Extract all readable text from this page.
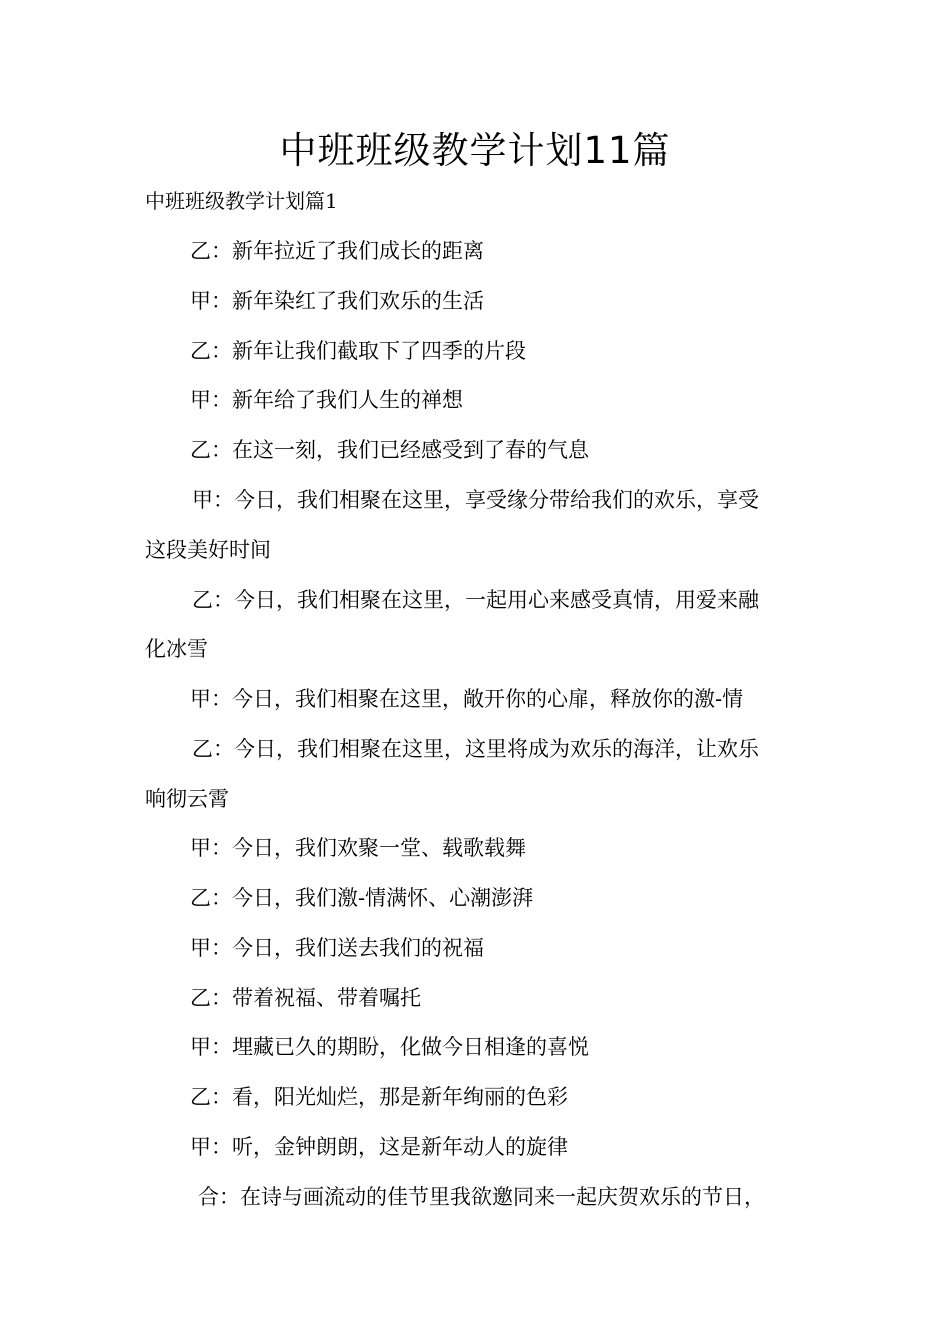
中班班级教学计划11篇
中班班级教学计划篇1
乙：新年拉近了我们成长的距离
甲：新年染红了我们欢乐的生活
乙：新年让我们截取下了四季的片段
甲：新年给了我们人生的禅想
乙：在这一刻，我们已经感受到了春的气息
甲：今日，我们相聚在这里，享受缘分带给我们的欢乐，享受
这段美好时间
乙：今日，我们相聚在这里，一起用心来感受真情，用爱来融
化冰雪
甲：今日，我们相聚在这里，敞开你的心扉，释放你的激-情
乙：今日，我们相聚在这里，这里将成为欢乐的海洋，让欢乐
响彻云霄
甲：今日，我们欢聚一堂、载歌载舞
乙：今日，我们激-情满怀、心潮澎湃
甲：今日，我们送去我们的祝福
乙：带着祝福、带着嘱托
甲：埋藏已久的期盼，化做今日相逢的喜悦
乙：看，阳光灿烂，那是新年绚丽的色彩
甲：听，金钟朗朗，这是新年动人的旋律
合：在诗与画流动的佳节里我欲邀同来一起庆贺欢乐的节日，
